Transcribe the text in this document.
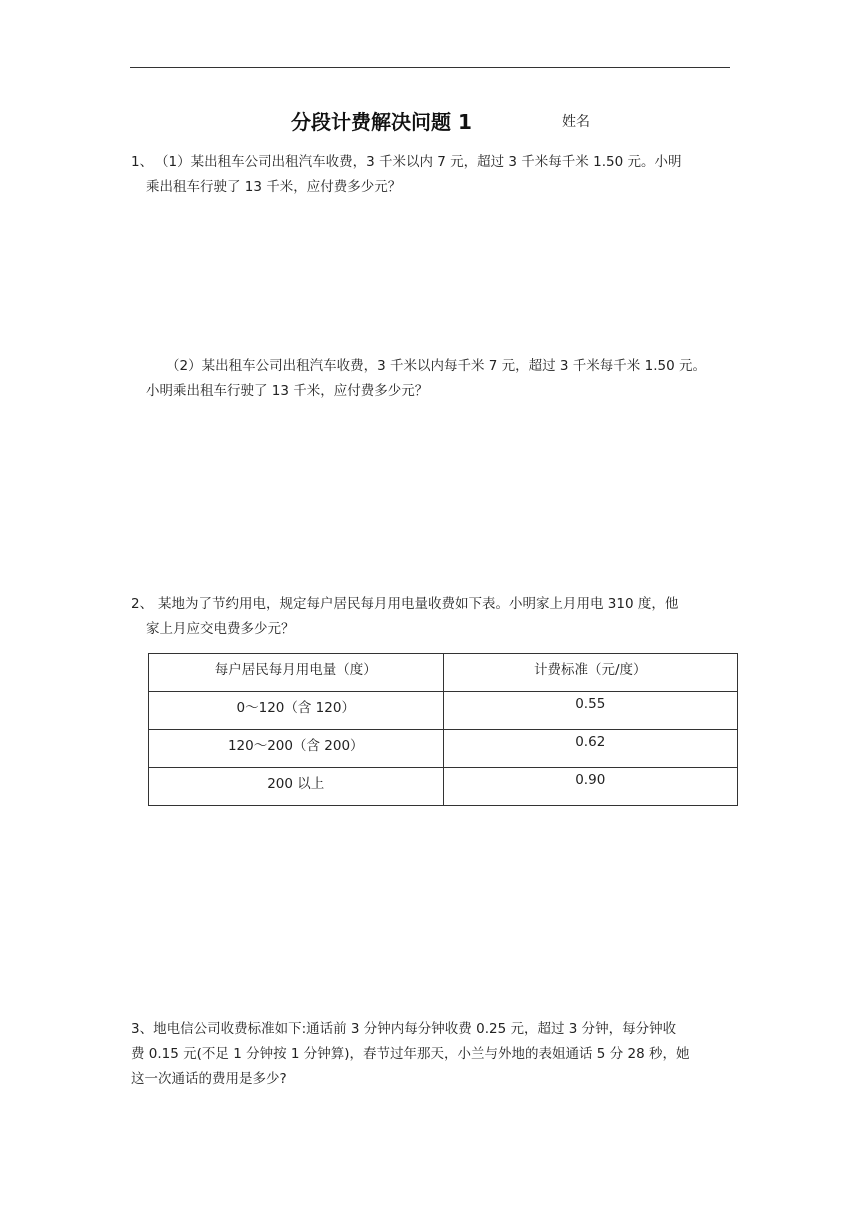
分段计费解决问题 1	姓名
1、 （1）某出租车公司出租汽车收费，3 千米以内 7 元，超过 3 千米每千米 1.50 元。小明
乘出租车行驶了 13 千米，应付费多少元？
（2）某出租车公司出租汽车收费，3 千米以内每千米 7 元，超过 3 千米每千米 1.50 元。
小明乘出租车行驶了 13 千米，应付费多少元？
2、 某地为了节约用电，规定每户居民每月用电量收费如下表。小明家上月用电 310 度，他
家上月应交电费多少元？
每户居民每月用电量（度）	计费标准（元/度）
0～120（含 120）	0.55
120～200（含 200）	0.62
200 以上	0.90
3、地电信公司收费标准如下:通话前 3 分钟内每分钟收费 0.25 元，超过 3 分钟，每分钟收
费 0.15 元(不足 1 分钟按 1 分钟算)，春节过年那天，小兰与外地的表姐通话 5 分 28 秒，她
这一次通话的费用是多少?
